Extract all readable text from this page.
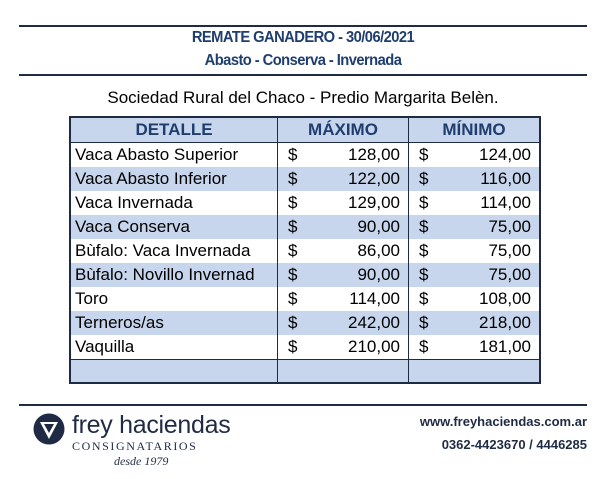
REMATE GANADERO - 30/06/2021
Abasto - Conserva - Invernada
Sociedad Rural del Chaco - Predio Margarita Belèn.
DETALLE	MÁXIMO	MÍNIMO
Vaca Abasto Superior	$ 128,00	$ 124,00

Vaca Abasto Inferior	$ 122,00	$ 116,00

Vaca Invernada	$ 129,00	$ 114,00

Vaca Conserva	$ 90,00	$ 75,00

Bùfalo: Vaca Invernada	$ 86,00	$ 75,00

Bùfalo: Novillo Invernad	$ 90,00	$ 75,00

Toro	$ 114,00	$ 108,00

Terneros/as	$ 242,00	$ 218,00

Vaquilla	$ 210,00	$ 181,00

frey haciendas
CONSIGNATARIOS
desde 1979
www.freyhaciendas.com.ar
0362-4423670 / 4446285
